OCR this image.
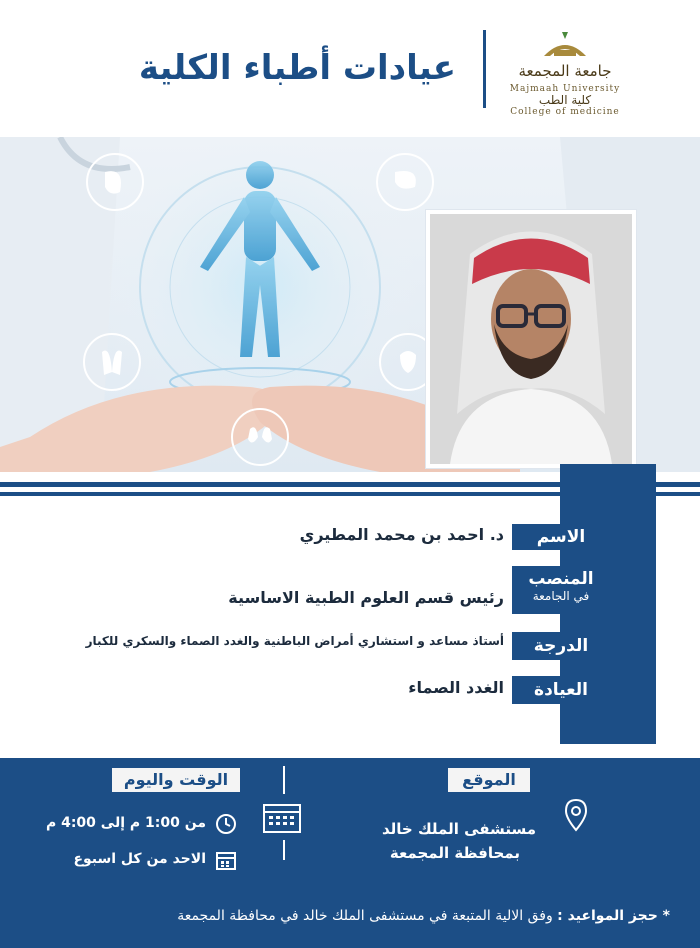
عيادات أطباء الكلية	جامعة المجمعة
Majmaah University
كلية الطب
College of medicine
الاسم
د. احمد بن محمد المطيري
المنصب
في الجامعة
رئيس قسم العلوم الطبية الاساسية
الدرجة
أستاذ مساعد و استشاري أمراض الباطنية والغدد الصماء والسكري للكبار
العيادة
الغدد الصماء
الموقع
مستشفى الملك خالد
بمحافظة المجمعة
الوقت واليوم
من 1:00 م إلى 4:00 م
الاحد من كل اسبوع
* حجز المواعيد : وفق الالية المتبعة في مستشفى الملك خالد في محافظة المجمعة
